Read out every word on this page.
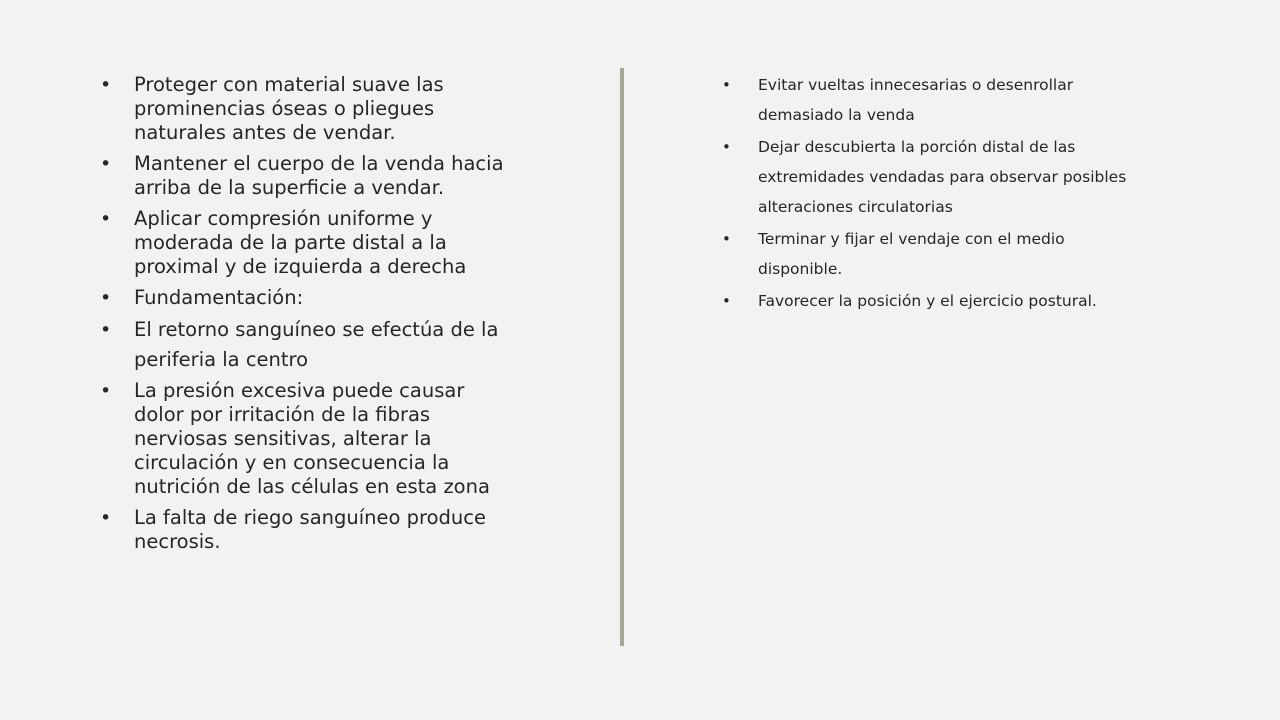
• Proteger con material suave las prominencias óseas o pliegues naturales antes de vendar.
• Mantener el cuerpo de la venda hacia arriba de la superficie a vendar.
• Aplicar compresión uniforme y moderada de la parte distal a la proximal y de izquierda a derecha
• Fundamentación:
• El retorno sanguíneo se efectúa de la periferia la centro
• La presión excesiva puede causar dolor por irritación de la fibras nerviosas sensitivas, alterar la circulación y en consecuencia la nutrición de las células en esta zona
• La falta de riego sanguíneo produce necrosis.
• Evitar vueltas innecesarias o desenrollar demasiado la venda
• Dejar descubierta la porción distal de las extremidades vendadas para observar posibles alteraciones circulatorias
• Terminar y fijar el vendaje con el medio disponible.
• Favorecer la posición y el ejercicio postural.
